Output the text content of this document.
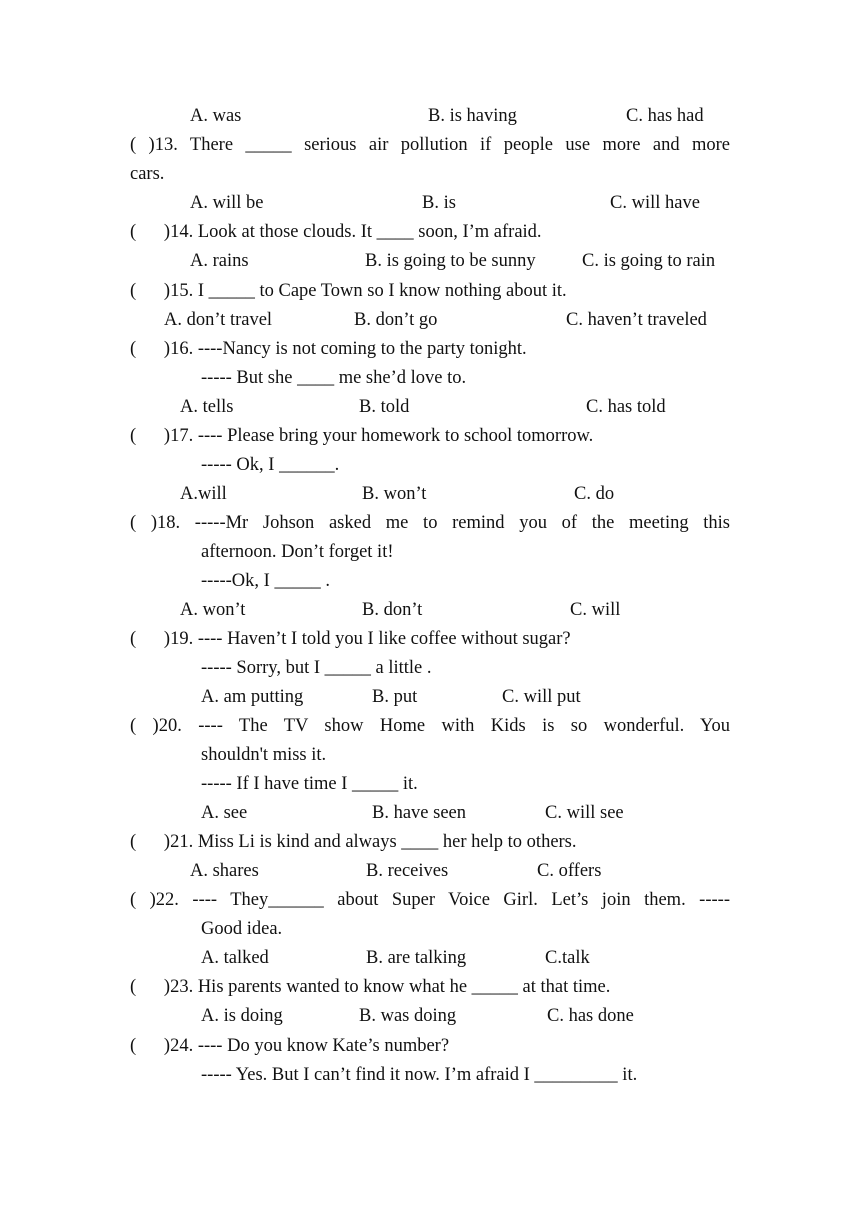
A. was	B. is having	C. has had
( )13. There _____ serious air pollution if people use more and more
cars.
A. will be	B. is	C. will have
(      )14. Look at those clouds. It ____ soon, I’m afraid.
A. rains	B. is going to be sunny	C. is going to rain
(      )15. I _____ to Cape Town so I know nothing about it.
A. don’t travel	B. don’t go	C. haven’t traveled
(      )16. ----Nancy is not coming to the party tonight.
----- But she ____ me she’d love to.
A. tells	B. told	C. has told
(      )17. ---- Please bring your homework to school tomorrow.
----- Ok, I ______.
A.will	B. won’t	C. do
( )18. -----Mr Johson asked me to remind you of the meeting this
afternoon. Don’t forget it!
-----Ok, I _____ .
A. won’t	B. don’t	C. will
(      )19. ---- Haven’t I told you I like coffee without sugar?
----- Sorry, but I _____ a little .
A. am putting	B. put	C. will put
( )20. ---- The TV show Home with Kids is so wonderful. You
shouldn't miss it.
----- If I have time I _____ it.
A. see	B. have seen	C. will see
(      )21. Miss Li is kind and always ____ her help to others.
A. shares	B. receives	C. offers
( )22. ---- They______ about Super Voice Girl. Let’s join them. -----
Good idea.
A. talked	B. are talking	C.talk
(      )23. His parents wanted to know what he _____ at that time.
A. is doing	B. was doing	C. has done
(      )24. ---- Do you know Kate’s number?
----- Yes. But I can’t find it now. I’m afraid I _________ it.
